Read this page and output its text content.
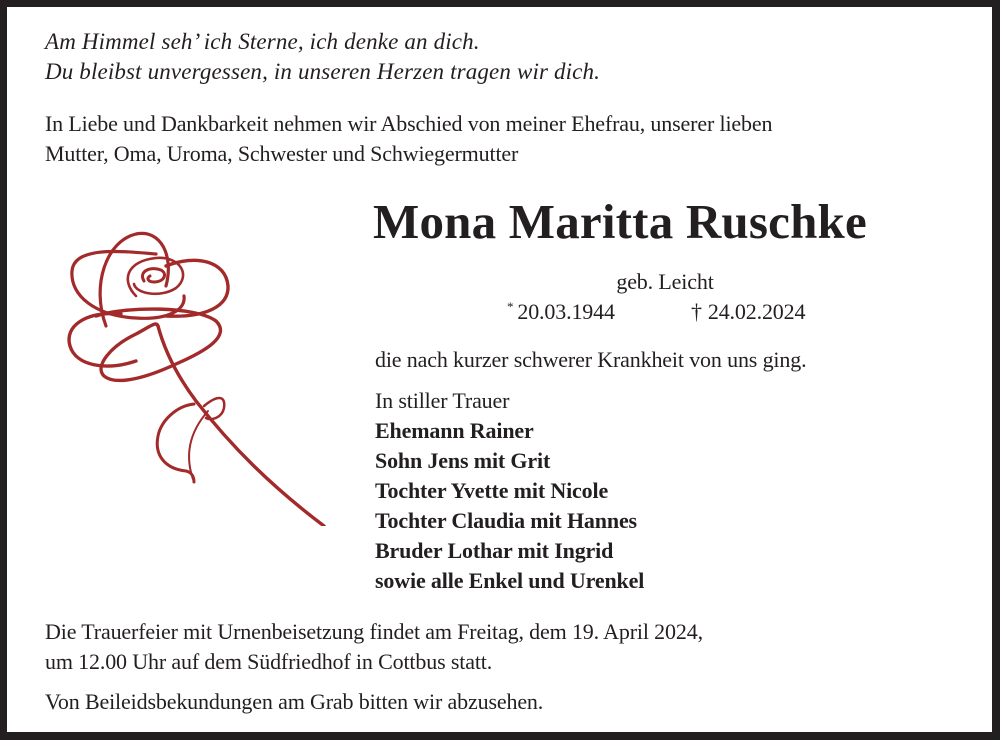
Am Himmel seh’ ich Sterne, ich denke an dich.
Du bleibst unvergessen, in unseren Herzen tragen wir dich.
In Liebe und Dankbarkeit nehmen wir Abschied von meiner Ehefrau, unserer lieben
Mutter, Oma, Uroma, Schwester und Schwiegermutter
Mona Maritta Ruschke
geb. Leicht
* 20.03.1944	† 24.02.2024
die nach kurzer schwerer Krankheit von uns ging.
In stiller Trauer
Ehemann Rainer
Sohn Jens mit Grit
Tochter Yvette mit Nicole
Tochter Claudia mit Hannes
Bruder Lothar mit Ingrid
sowie alle Enkel und Urenkel
Die Trauerfeier mit Urnenbeisetzung findet am Freitag, dem 19. April 2024,
um 12.00 Uhr auf dem Südfriedhof in Cottbus statt.
Von Beileidsbekundungen am Grab bitten wir abzusehen.
